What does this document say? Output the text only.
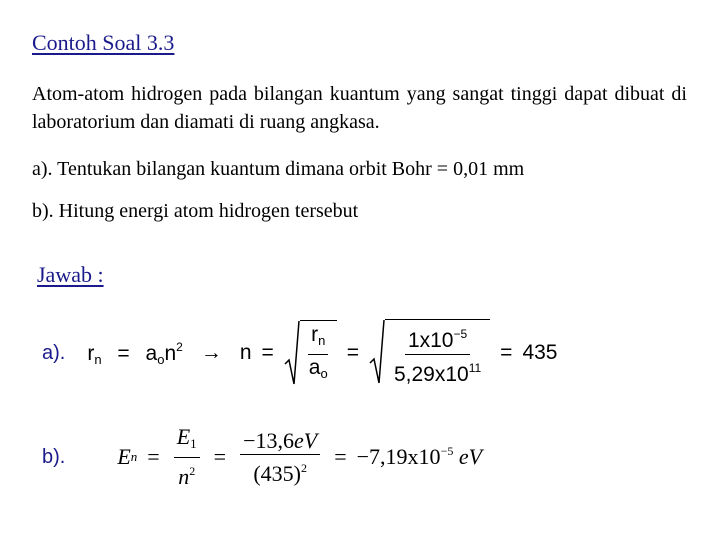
Contoh Soal 3.3
Atom-atom hidrogen pada bilangan kuantum yang sangat tinggi dapat dibuat di laboratorium dan diamati di ruang angkasa.
a). Tentukan bilangan kuantum dimana orbit Bohr = 0,01 mm
b). Hitung energi atom hidrogen tersebut
Jawab :
a). $r_n = a_on^2 \to n = \frac{r_n}{a_o} = \frac{1x10^{-5}}{5,29x10^{11}} = 435$
b). E $n = \frac{E_1}{n^2} = \frac{-13,6eV}{(435)^2} = -7,19x10^{-5}$ eV
